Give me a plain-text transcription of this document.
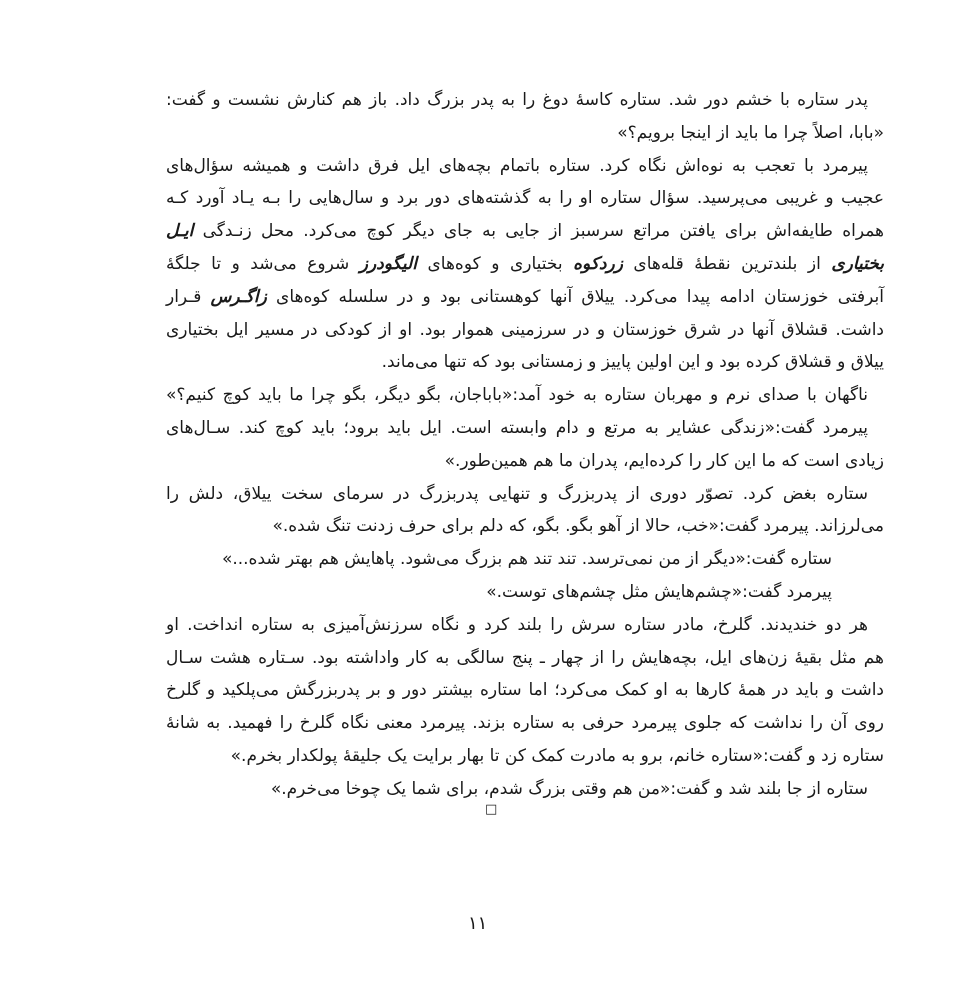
پدر ستاره با خشم دور شد. ستاره کاسهٔ دوغ را به پدر بزرگ داد. باز هم کنارش نشست و گفت:
«بابا، اصلاً چرا ما باید از اینجا برویم؟»
پیرمرد با تعجب به نوه‌اش نگاه کرد. ستاره باتمام بچه‌های ایل فرق داشت و همیشه سؤال‌های
عجیب و غریبی می‌پرسید. سؤال ستاره او را به گذشته‌های دور برد و سال‌هایی را بـه یـاد آورد کـه
همراه طایفه‌اش برای یافتن مراتع سرسبز از جایی به جای دیگر کوچ می‌کرد. محل زنـدگی ایـل
بختیاری از بلندترین نقطهٔ قله‌های زردکوه بختیاری و کوه‌های الیگودرز شروع می‌شد و تا جلگهٔ
آبرفتی خوزستان ادامه پیدا می‌کرد. ییلاق آنها کوهستانی بود و در سلسله کوه‌های زاگـرس قـرار
داشت. قشلاق آنها در شرق خوزستان و در سرزمینی هموار بود. او از کودکی در مسیر ایل بختیاری
ییلاق و قشلاق کرده بود و این اولین پاییز و زمستانی بود که تنها می‌ماند.
ناگهان با صدای نرم و مهربان ستاره به خود آمد:«باباجان، بگو دیگر، بگو چرا ما باید کوچ کنیم؟»
پیرمرد گفت:«زندگی عشایر به مرتع و دام وابسته است. ایل باید برود؛ باید کوچ کند. سـال‌های
زیادی است که ما این کار را کرده‌ایم، پدران ما هم همین‌طور.»
ستاره بغض کرد. تصوّر دوری از پدربزرگ و تنهایی پدربزرگ در سرمای سخت ییلاق، دلش را
می‌لرزاند. پیرمرد گفت:«خب، حالا از آهو بگو. بگو، که دلم برای حرف زدنت تنگ شده.»
ستاره گفت:«دیگر از من نمی‌ترسد. تند تند هم بزرگ می‌شود. پاهایش هم بهتر شده...»
پیرمرد گفت:«چشم‌هایش مثل چشم‌های توست.»
هر دو خندیدند. گلرخ، مادر ستاره سرش را بلند کرد و نگاه سرزنش‌آمیزی به ستاره انداخت. او
هم مثل بقیهٔ زن‌های ایل، بچه‌هایش را از چهار ـ پنج سالگی به کار واداشته بود. سـتاره هشت سـال
داشت و باید در همهٔ کارها به او کمک می‌کرد؛ اما ستاره بیشتر دور و بر پدربزرگش می‌پلکید و گلرخ
روی آن را نداشت که جلوی پیرمرد حرفی به ستاره بزند. پیرمرد معنی نگاه گلرخ را فهمید. به شانهٔ
ستاره زد و گفت:«ستاره خانم، برو به مادرت کمک کن تا بهار برایت یک جلیقهٔ پولکدار بخرم.»
ستاره از جا بلند شد و گفت:«من هم وقتی بزرگ شدم، برای شما یک چوخا می‌خرم.»
□
۱۱
